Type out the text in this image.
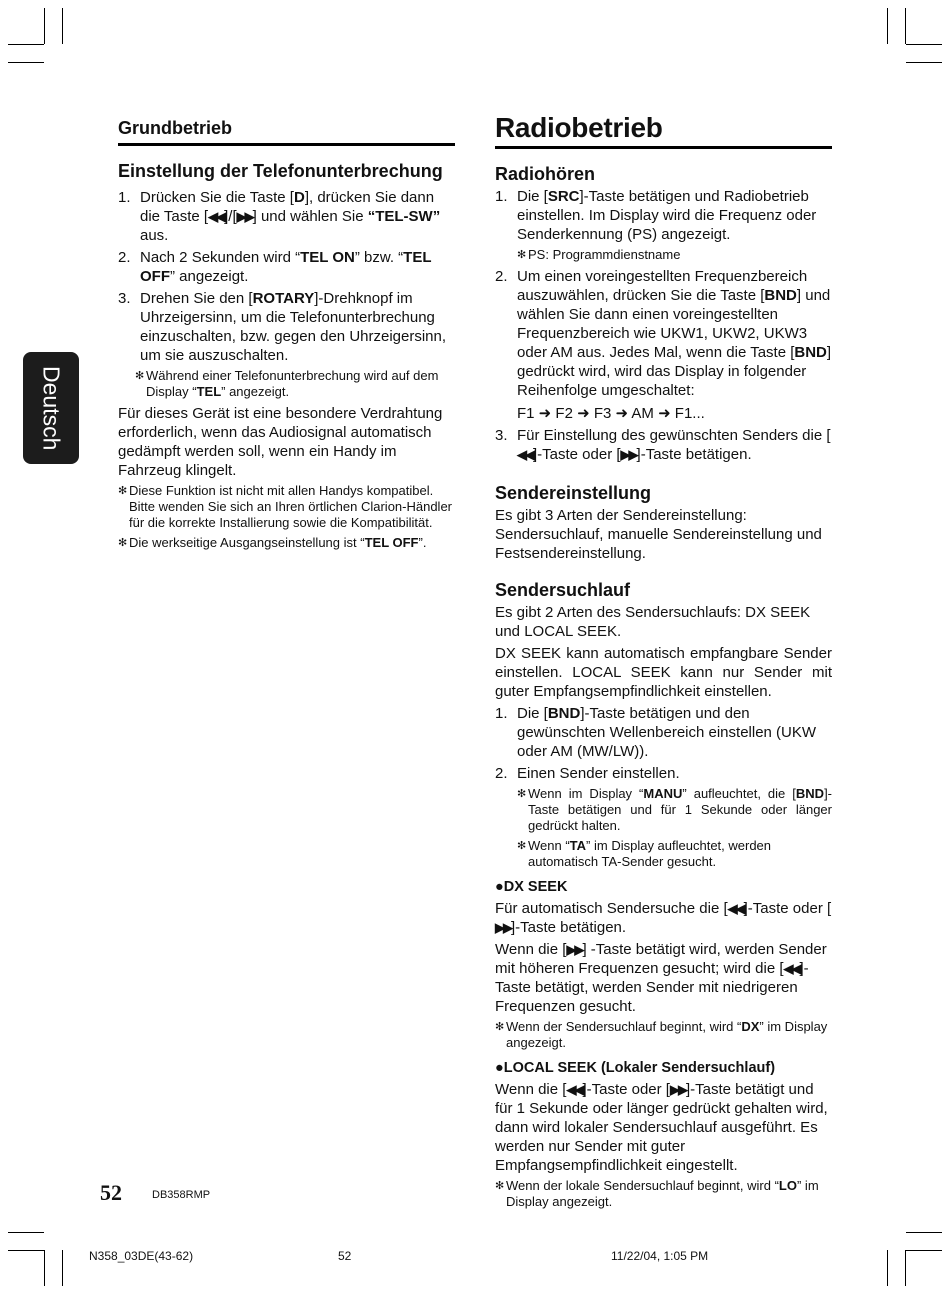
Deutsch
Grundbetrieb
Einstellung der Telefonunterbrechung
1. Drücken Sie die Taste [D], drücken Sie dann die Taste [◀◀]/[▶▶] und wählen Sie “TEL-SW” aus.
2. Nach 2 Sekunden wird “TEL ON” bzw. “TEL OFF” angezeigt.
3. Drehen Sie den [ROTARY]-Drehknopf im Uhrzeigersinn, um die Telefonunterbrechung einzuschalten, bzw. gegen den Uhrzeigersinn, um sie auszuschalten.
✻ Während einer Telefonunterbrechung wird auf dem Display “TEL” angezeigt.
Für dieses Gerät ist eine besondere Verdrahtung erforderlich, wenn das Audiosignal automatisch gedämpft werden soll, wenn ein Handy im Fahrzeug klingelt.
✻ Diese Funktion ist nicht mit allen Handys kompatibel. Bitte wenden Sie sich an Ihren örtlichen Clarion-Händler für die korrekte Installierung sowie die Kompatibilität.
✻ Die werkseitige Ausgangseinstellung ist “TEL OFF”.
Radiobetrieb
Radiohören
1. Die [SRC]-Taste betätigen und Radiobetrieb einstellen. Im Display wird die Frequenz oder Senderkennung (PS) angezeigt.
✻ PS: Programmdienstname
2. Um einen voreingestellten Frequenzbereich auszuwählen, drücken Sie die Taste [BND] und wählen Sie dann einen voreingestellten Frequenzbereich wie UKW1, UKW2, UKW3 oder AM aus. Jedes Mal, wenn die Taste [BND] gedrückt wird, wird das Display in folgender Reihenfolge umgeschaltet:
F1 ➜ F2 ➜ F3 ➜ AM ➜ F1...
3. Für Einstellung des gewünschten Senders die [◀◀]-Taste oder [▶▶]-Taste betätigen.
Sendereinstellung
Es gibt 3 Arten der Sendereinstellung: Sendersuchlauf, manuelle Sendereinstellung und Festsendereinstellung.
Sendersuchlauf
Es gibt 2 Arten des Sendersuchlaufs: DX SEEK und LOCAL SEEK.
DX SEEK kann automatisch empfangbare Sender einstellen. LOCAL SEEK kann nur Sender mit guter Empfangsempfindlichkeit einstellen.
1. Die [BND]-Taste betätigen und den gewünschten Wellenbereich einstellen (UKW oder AM (MW/LW)).
2. Einen Sender einstellen.
✻ Wenn im Display “MANU” aufleuchtet, die [BND]-Taste betätigen und für 1 Sekunde oder länger gedrückt halten.
✻ Wenn “TA” im Display aufleuchtet, werden automatisch TA-Sender gesucht.
●DX SEEK
Für automatisch Sendersuche die [◀◀]-Taste oder [▶▶]-Taste betätigen.
Wenn die [▶▶] -Taste betätigt wird, werden Sender mit höheren Frequenzen gesucht; wird die [◀◀]-Taste betätigt, werden Sender mit niedrigeren Frequenzen gesucht.
✻ Wenn der Sendersuchlauf beginnt, wird “DX” im Display angezeigt.
●LOCAL SEEK (Lokaler Sendersuchlauf)
Wenn die [◀◀]-Taste oder [▶▶]-Taste betätigt und für 1 Sekunde oder länger gedrückt gehalten wird, dann wird lokaler Sendersuchlauf ausgeführt. Es werden nur Sender mit guter Empfangsempfindlichkeit eingestellt.
✻ Wenn der lokale Sendersuchlauf beginnt, wird “LO” im Display angezeigt.
52	DB358RMP
N358_03DE(43-62)	52	11/22/04, 1:05 PM
